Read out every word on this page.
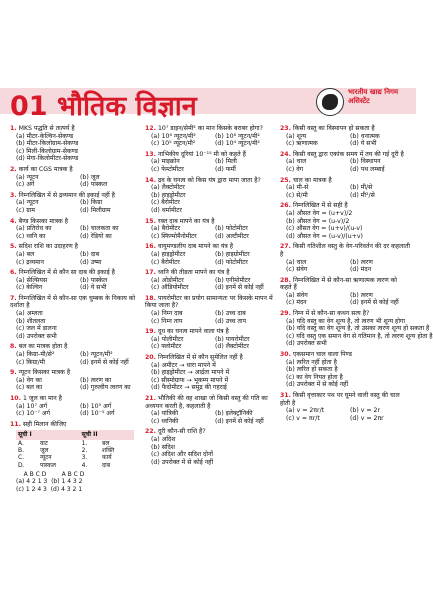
01 भौतिक विज्ञान	भारतीय खाद्य निगम असिस्टेंट
1. MKS पद्धति से तात्पर्य है
(a) मीटर-केल्विन-सेकण्ड
(b) मीटर-किलोग्राम-सेकण्ड
(c) मिली-किलोग्राम-सेकण्ड
(d) मेगा-किलोमीटर-सेकण्ड
2. कार्य का CGS मात्रक है
(a) न्यूटन	(b) जूल
(c) अर्ग	(d) पास्कल
3. निम्नलिखित में से द्रव्यमान की इकाई नहीं है
(a) न्यूटन	(b) किग्रा
(c) ग्राम	(d) मिलीग्राम
4. बैण्ड किसका मात्रक है
(a) प्रतिरोध का	(b) चालकता का
(c) ध्वनि का	(d) रेडियो का
5. सदिश राशि का उदाहरण है
(a) बल	(b) दाब
(c) द्रव्यमान	(d) उष्मा
6. निम्नलिखित में से कौन सा दाब की इकाई है
(a) सेल्सियस	(b) पास्केल
(c) केल्विन	(d) ये सभी
7. निम्नलिखित में से कौन-सा एक चुम्बक के निकाय को दर्शाता है
(a) अम्लता
(b) शीतलता
(c) जल में डालना
(d) उपरोक्त सभी
8. बल का मात्रक होता है
(a) किग्रा-मी/से²	(b) न्यूटन/मी²
(c) किग्रा/मी	(d) इनमें से कोई नहीं
9. न्यूटन किसका मात्रक है
(a) वेग का	(b) त्वरण का
(c) बल का	(d) गुरुत्वीय त्वरण का
10. 1 जूल का मान है
(a) 10⁷ अर्ग	(b) 10⁵ अर्ग
(c) 10⁻⁷ अर्ग	(d) 10⁻⁵ अर्ग
11. सही मिलान कीजिए
सूची I		सूची II	
A.	वाट	1.	बल
B.	जूल	2.	शक्ति
C.	न्यूटन	3.	कार्य
D.	पास्कल	4.	दाब
A B C D        A B C D
(a) 4 2 1 3  (b) 1 4 3 2
(c) 1 2 4 3  (d) 4 3 2 1
12. 10⁷ डाइन/सेमी² का मान किसके बराबर होगा?
(a) 10⁶ न्यूटन/मी²	(b) 10⁸ न्यूटन/मी²
(c) 10⁵ न्यूटन/मी²	(d) 10⁴ न्यूटन/मी²
13. नाभिकीय दूरियां 10⁻¹⁵ मी को कहते हैं
(a) माइक्रोन	(b) मिली
(c) फेम्टोमीटर	(d) फर्मी
14. द्रव के घनत्व को किस यंत्र द्वारा मापा जाता है?
(a) लैक्टोमीटर
(b) हाइड्रोमीटर
(c) बैरोमीटर
(d) थर्मामीटर
15. रक्त दाब मापने का यंत्र है
(a) बैरोमीटर	(b) फोटोमीटर
(c) स्फिग्मोमैनोमीटर	(d) अल्टीमीटर
16. वायुमण्डलीय दाब मापने का यंत्र है
(a) हाइड्रोमीटर	(b) हाइग्रोमीटर
(c) बैरोमीटर	(d) फोटोमीटर
17. ध्वनि की तीव्रता मापने का यंत्र है
(a) ओडोमीटर	(b) एनीमोमीटर
(c) ऑडियोमीटर	(d) इनमें से कोई नहीं
18. पायरोमीटर का प्रयोग सामान्यतः पर किसके मापन में किया जाता है?
(a) निम्न दाब	(b) उच्च दाब
(c) निम्न ताप	(d) उच्च ताप
19. दूध का घनत्व मापने वाला यंत्र है
(a) पोलीमीटर	(b) पायरोमीटर
(c) फ्लोमीटर	(d) लैक्टोमीटर
20. निम्नलिखित में से कौन सुमेलित नहीं है
(a) अमीटर → धारा मापने में
(b) हाइड्रोमीटर → आर्द्रता मापने में
(c) सीस्मोग्राफ → भूकम्प मापने में
(d) फैदोमीटर → समुद्र की गहराई
21. भौतिकी की वह शाखा जो किसी वस्तु की गति का अध्ययन करती है, कहलाती है
(a) यांत्रिकी	(b) इलेक्ट्रॉनिकी
(c) ध्वनिकी	(d) इनमें से कोई नहीं
22. दूरी कौन-सी राशि है?
(a) अदिश
(b) सदिश
(c) अदिश और सदिश दोनों
(d) उपरोक्त में से कोई नहीं
23. किसी वस्तु का विस्थापन हो सकता है
(a) शून्य	(b) धनात्मक
(c) ऋणात्मक	(d) ये सभी
24. किसी वस्तु द्वारा एकांक समय में तय की गई दूरी है
(a) चाल	(b) विस्थापन
(c) वेग	(d) पथ लम्बाई
25. चाल का मात्रक है
(a) मी-से	(b) मी/से
(c) से/मी	(d) मी²/से
26. निम्नलिखित में से सही है
(a) औसत वेग = (u+v)/2
(b) औसत वेग = (u-v)/2
(c) औसत वेग = (u+v)/(u-v)
(d) औसत वेग = (u-v)/(u+v)
27. किसी गतिशील वस्तु के वेग-परिवर्तन की दर कहलाती है
(a) चाल	(b) त्वरण
(c) संवेग	(d) मंदन
28. निम्नलिखित में से कौन-सा ऋणात्मक त्वरण को कहते हैं
(a) संवेग	(b) त्वरण
(c) मंदन	(d) इनमें से कोई नहीं
29. निम्न में से कौन-सा कथन सत्य है?
(a) यदि वस्तु का वेग शून्य है, तो त्वरण भी शून्य होगा
(b) यदि वस्तु का वेग शून्य है, तो उसका त्वरण शून्य हो सकता है
(c) यदि वस्तु एक समान वेग से गतिमान है, तो त्वरण शून्य होता है
(d) उपरोक्त सभी
30. एकसमान चाल वाला पिण्ड
(a) त्वरित नहीं होता है
(b) त्वरित हो सकता है
(c) का वेग नियत होता है
(d) उपरोक्त में से कोई नहीं
31. किसी वृत्ताकार पथ पर घूमने वाली वस्तु की चाल होती है
(a) v = 2πr/t	(b) v = 2r
(c) v = πr/t	(d) v = 2πr
